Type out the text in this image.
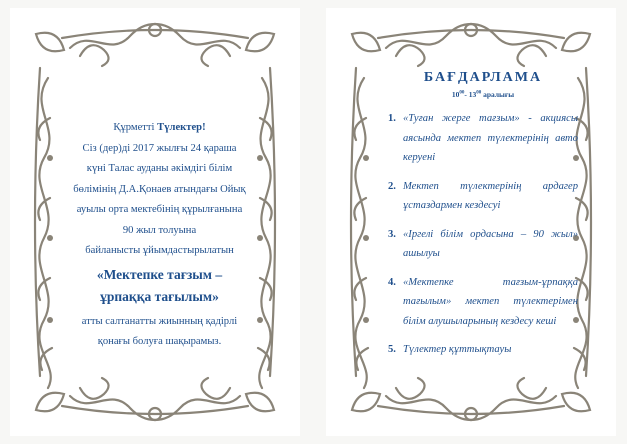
Құрметті Түлектер!
Сіз (дер)ді 2017 жылғы 24 қараша
күні Талас ауданы әкімдігі білім
бөлімінің Д.А.Қонаев атындағы Ойық
ауылы орта мектебінің құрылғанына
90 жыл толуына
байланысты ұйымдастырылатын
«Мектепке тағзым –
ұрпаққа тағылым»
атты салтанатты жиынның қадірлі
қонағы болуға шақырамыз.
БАҒДАРЛАМА
$10^{00}-$ $13^{00}$ аралығы
1. «Туған жерге тағзым» - акциясы аясында мектеп түлектерінің авто керуені
2. Мектеп түлектерінің ардагер ұстаздармен кездесуі
3. «Іргелі білім ордасына – 90 жыл» ашылуы
4. «Мектепке тағзым-ұрпаққа тағылым» мектеп түлектерімен білім алушыларының кездесу кеші
5. Түлектер құттықтауы
